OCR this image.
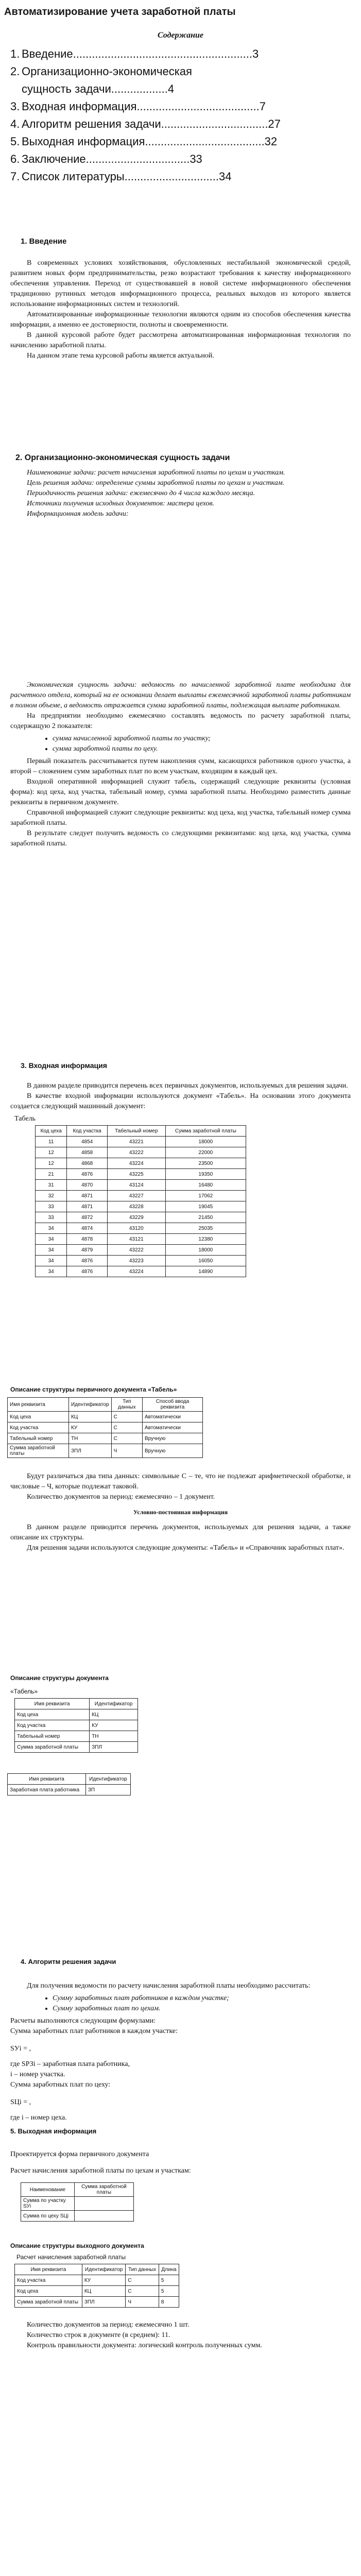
Автоматизирование учета заработной платы
Содержание
1. Введение.........................................................3
2. Организационно-экономическая сущность задачи..................4
3. Входная информация.......................................7
4. Алгоритм решения задачи..................................27
5. Выходная информация......................................32
6. Заключение.................................33
7. Список литературы..............................34
1. Введение

В современных условиях хозяйствования, обусловленных нестабильной экономической средой, развитием новых форм предпринимательства, резко возрастают требования к качеству информационного обеспечения управления. Переход от существовавшей в новой системе информационного обеспечения традиционно рутинных методов информационного процесса, реальных выходов из которого является использование информационных систем и технологий.

Автоматизированные информационные технологии являются одним из способов обеспечения качества информации, а именно ее достоверности, полноты и своевременности.

В данной курсовой работе будет рассмотрена автоматизированная информационная технология по начислению заработной платы.

На данном этапе тема курсовой работы является актуальной.

2. Организационно-экономическая сущность задачи

Наименование задачи: расчет начисления заработной платы по цехам и участкам.

Цель решения задачи: определение суммы заработной платы по цехам и участкам.

Периодичность решения задачи: ежемесячно до 4 числа каждого месяца.

Источники получения исходных документов: мастера цехов.

Информационная модель задачи:

Экономическая сущность задачи: ведомость по начисленной заработной плате необходима для расчетного отдела, который на ее основании делает выплаты ежемесячной заработной платы работникам в полном объеме, а ведомость отражается сумма заработной платы, подлежащая выплате работникам.

На предприятии необходимо ежемесячно составлять ведомость по расчету заработной платы, содержащую 2 показателя:

• сумма начисленной заработной платы по участку;
• сумма заработной платы по цеху.

Первый показатель рассчитывается путем накопления сумм, касающихся работников одного участка, а второй – сложением сумм заработных плат по всем участкам, входящим в каждый цех.

Входной оперативной информацией служит табель, содержащий следующие реквизиты (условная форма): код цеха, код участка, табельный номер, сумма заработной платы. Необходимо разместить данные реквизиты в первичном документе.

Справочной информацией служит следующие реквизиты: код цеха, код участка, табельный номер сумма заработной платы.

В результате следует получить ведомость со следующими реквизитами: код цеха, код участка, сумма заработной платы.

3. Входная информация

В данном разделе приводится перечень всех первичных документов, используемых для решения задачи.

В качестве входной информации используются документ «Табель». На основании этого документа создается следующий машинный документ:

Табель
Код цеха	Код участка	Табельный номер	Сумма заработной платы
11	4854	43221	18000
12	4858	43222	22000
12	4868	43224	23500
21	4876	43225	19350
31	4870	43124	16480
32	4871	43227	17062
33	4871	43228	19045
33	4872	43229	21450
34	4874	43120	25035
34	4878	43121	12380
34	4879	43222	18000
34	4876	43223	16050
34	4876	43224	14890
Описание структуры первичного документа «Табель»
Имя реквизита	Идентификатор	Тип данных	Способ ввода реквизита
Код цеха	КЦ	С	Автоматически
Код участка	КУ	С	Автоматически
Табельный номер	ТН	С	Вручную
Сумма заработной платы	ЗПЛ	Ч	Вручную

Будут различаться два типа данных: символьные С – те, что не подлежат арифметической обработке, и числовые – Ч, которые подлежат таковой.

Количество документов за период: ежемесячно – 1 документ.

Условно-постоянная информация

В данном разделе приводится перечень документов, используемых для решения задачи, а также описание их структуры.

Для решения задачи используются следующие документы: «Табель» и «Справочник заработных плат».

Описание структуры документа
«Табель»
Имя реквизита	Идентификатор
Код цеха	КЦ
Код участка	КУ
Табельный номер	ТН
Сумма заработной платы	ЗПЛ
Имя реквизита	Идентификатор
Заработная плата работника	ЗП
4. Алгоритм решения задачи

Для получения ведомости по расчету начисления заработной платы необходимо рассчитать:

• Сумму заработных плат работников в каждом участке;
• Сумму заработных плат по цехам.

Расчеты выполняются следующим формулами:

Сумма заработных плат работников в каждом участке:

SУi = ,

где SРЗi – заработная плата работника,

i – номер участка.

Сумма заработных плат по цеху:

SЦi = ,

где i – номер цеха.

5. Выходная информация

Проектируется форма первичного документа

Расчет начисления заработной платы по цехам и участкам:

Наименование	Сумма заработной платы
Сумма по участку SУi	
Сумма по цеху SЦi	
Описание структуры выходного документа
Расчет начисления заработной платы
Имя реквизита	Идентификатор	Тип данных	Длина
Код участка	КУ	С	5
Код цеха	КЦ	С	5
Сумма заработной платы	ЗПЛ	Ч	8

Количество документов за период: ежемесячно 1 шт.

Количество строк в документе (в среднем): 11.

Контроль правильности документа: логический контроль полученных сумм.
